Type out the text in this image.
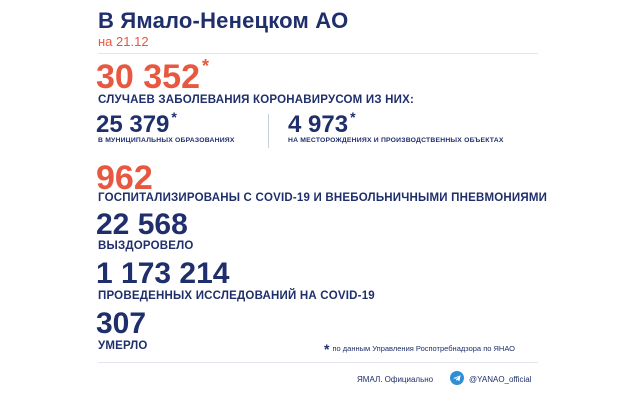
В Ямало-Ненецком АО
на 21.12
30 352 *
СЛУЧАЕВ ЗАБОЛЕВАНИЯ КОРОНАВИРУСОМ ИЗ НИХ:
25 379 *
В МУНИЦИПАЛЬНЫХ ОБРАЗОВАНИЯХ
4 973 *
НА МЕСТОРОЖДЕНИЯХ И ПРОИЗВОДСТВЕННЫХ ОБЪЕКТАХ
962
ГОСПИТАЛИЗИРОВАНЫ С COVID-19 И ВНЕБОЛЬНИЧНЫМИ ПНЕВМОНИЯМИ
22 568
ВЫЗДОРОВЕЛО
1 173 214
ПРОВЕДЕННЫХ ИССЛЕДОВАНИЙ НА COVID-19
307
УМЕРЛО	* по данным Управления Роспотребнадзора по ЯНАО
ЯМАЛ. Официально	@YANAO_official
